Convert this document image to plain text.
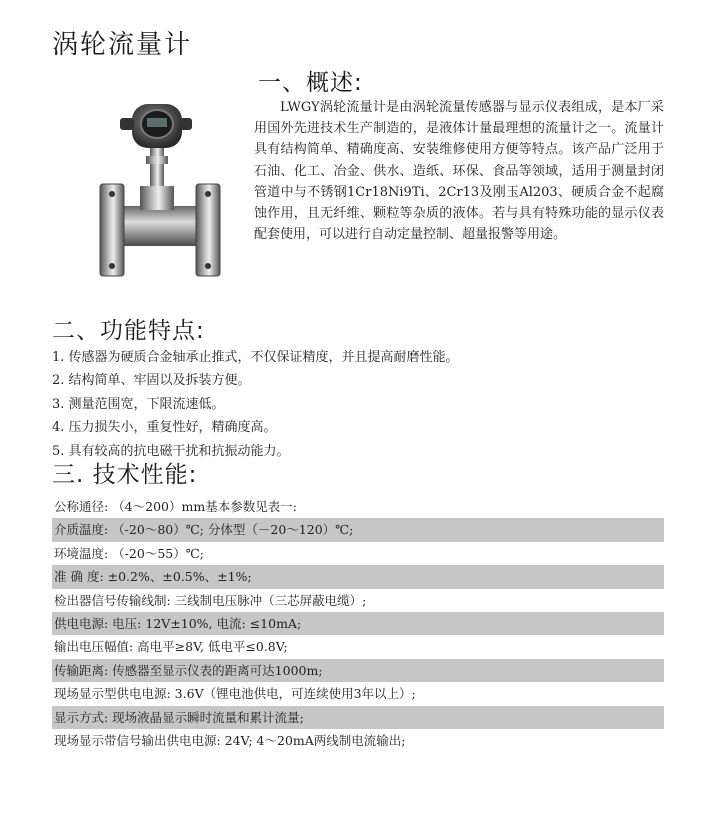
涡轮流量计
一、概述:
LWGY涡轮流量计是由涡轮流量传感器与显示仪表组成，是本厂采用国外先进技术生产制造的，是液体计量最理想的流量计之一。流量计具有结构简单、精确度高、安装维修使用方便等特点。该产品广泛用于石油、化工、冶金、供水、造纸、环保、食品等领域，适用于测量封闭管道中与不锈钢1Cr18Ni9Ti、2Cr13及刚玉Al203、硬质合金不起腐蚀作用，且无纤维、颗粒等杂质的液体。若与具有特殊功能的显示仪表配套使用，可以进行自动定量控制、超量报警等用途。
二、功能特点:
1. 传感器为硬质合金轴承止推式，不仅保证精度，并且提高耐磨性能。
2. 结构简单、牢固以及拆装方便。
3. 测量范围宽，下限流速低。
4. 压力损失小，重复性好，精确度高。
5. 具有较高的抗电磁干扰和抗振动能力。
三. 技术性能:
公称通径: （4～200）mm基本参数见表一:
介质温度: （-20～80）℃; 分体型（－20～120）℃;
环境温度: （-20～55）℃;
准 确 度: ±0.2%、±0.5%、±1%;
检出器信号传输线制: 三线制电压脉冲（三芯屏蔽电缆）;
供电电源: 电压: 12V±10%, 电流: ≤10mA;
输出电压幅值: 高电平≥8V, 低电平≤0.8V;
传输距离: 传感器至显示仪表的距离可达1000m;
现场显示型供电电源: 3.6V（锂电池供电，可连续使用3年以上）;
显示方式: 现场液晶显示瞬时流量和累计流量;
现场显示带信号输出供电电源: 24V; 4～20mA两线制电流输出;
